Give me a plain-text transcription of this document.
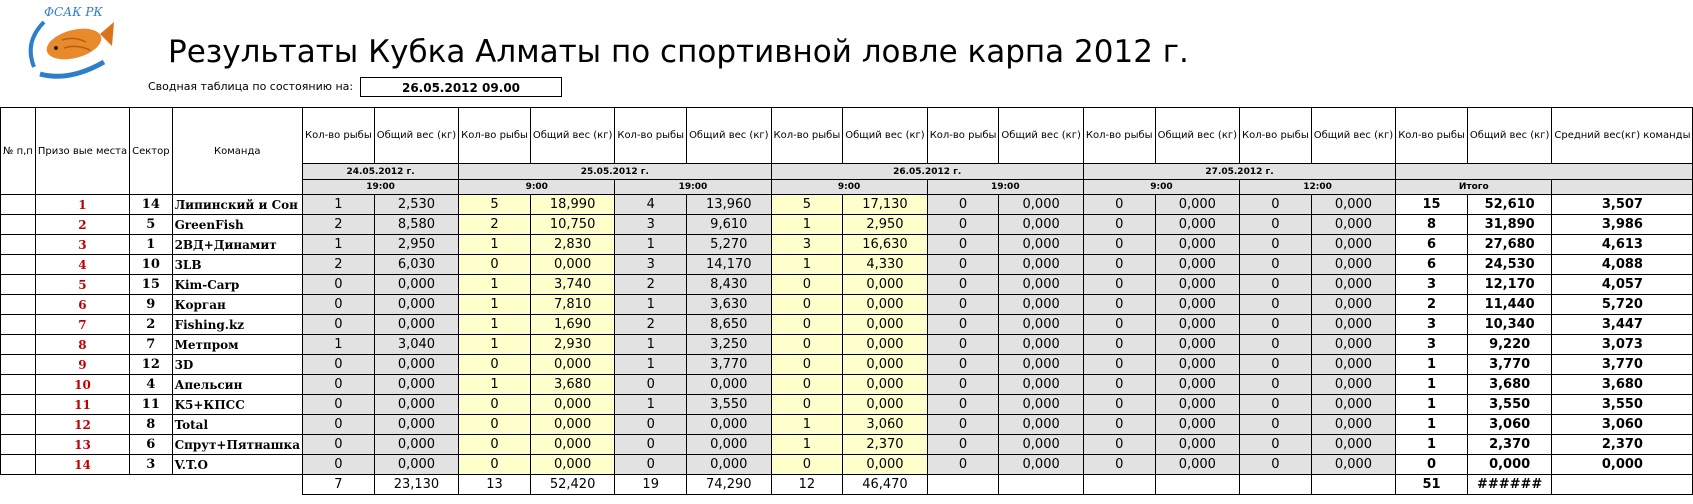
ФСАК РК
Результаты Кубка Алматы по спортивной ловле карпа 2012 г.
Сводная таблица по состоянию на:	26.05.2012 09.00
№ п,п	Призо вые места	Сектор	Команда	Кол-во рыбы	Общий вес (кг)	Кол-во рыбы	Общий вес (кг)	Кол-во рыбы	Общий вес (кг)	Кол-во рыбы	Общий вес (кг)	Кол-во рыбы	Общий вес (кг)	Кол-во рыбы	Общий вес (кг)	Кол-во рыбы	Общий вес (кг)	Кол-во рыбы	Общий вес (кг)	Средний вес(кг) команды
				24.05.2012 г.		25.05.2012 г.				26.05.2012 г.				27.05.2012 г.						
				19:00		9:00		19:00		9:00		19:00		9:00		12:00		Итого		
	1	14	Липинский и Сон	1	2,530	5	18,990	4	13,960	5	17,130	0	0,000	0	0,000	0	0,000	15	52,610	3,507
	2	5	GreenFish	2	8,580	2	10,750	3	9,610	1	2,950	0	0,000	0	0,000	0	0,000	8	31,890	3,986
	3	1	2ВД+Динамит	1	2,950	1	2,830	1	5,270	3	16,630	0	0,000	0	0,000	0	0,000	6	27,680	4,613
	4	10	3LB	2	6,030	0	0,000	3	14,170	1	4,330	0	0,000	0	0,000	0	0,000	6	24,530	4,088
	5	15	Kim-Carp	0	0,000	1	3,740	2	8,430	0	0,000	0	0,000	0	0,000	0	0,000	3	12,170	4,057
	6	9	Корган	0	0,000	1	7,810	1	3,630	0	0,000	0	0,000	0	0,000	0	0,000	2	11,440	5,720
	7	2	Fishing.kz	0	0,000	1	1,690	2	8,650	0	0,000	0	0,000	0	0,000	0	0,000	3	10,340	3,447
	8	7	Метпром	1	3,040	1	2,930	1	3,250	0	0,000	0	0,000	0	0,000	0	0,000	3	9,220	3,073
	9	12	3D	0	0,000	0	0,000	1	3,770	0	0,000	0	0,000	0	0,000	0	0,000	1	3,770	3,770
	10	4	Апельсин	0	0,000	1	3,680	0	0,000	0	0,000	0	0,000	0	0,000	0	0,000	1	3,680	3,680
	11	11	K5+КПСС	0	0,000	0	0,000	1	3,550	0	0,000	0	0,000	0	0,000	0	0,000	1	3,550	3,550
	12	8	Total	0	0,000	0	0,000	0	0,000	1	3,060	0	0,000	0	0,000	0	0,000	1	3,060	3,060
	13	6	Спрут+Пятнашка	0	0,000	0	0,000	0	0,000	1	2,370	0	0,000	0	0,000	0	0,000	1	2,370	2,370
	14	3	V.T.O	0	0,000	0	0,000	0	0,000	0	0,000	0	0,000	0	0,000	0	0,000	0	0,000	0,000
				7	23,130	13	52,420	19	74,290	12	46,470							51	######	
